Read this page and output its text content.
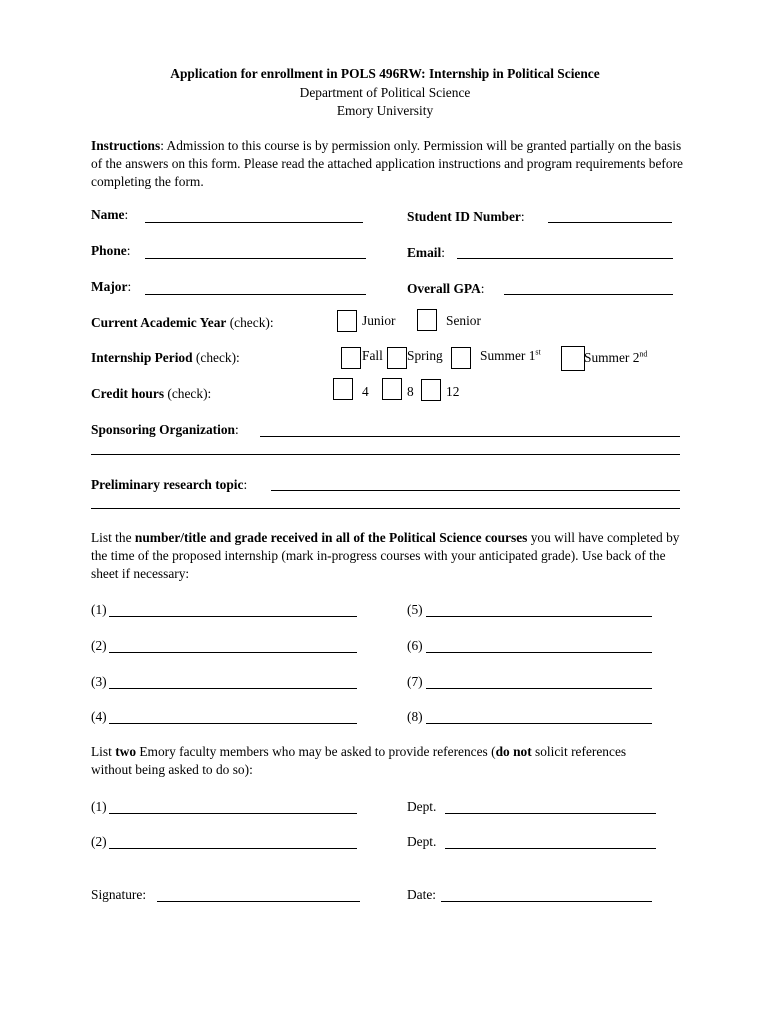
Application for enrollment in POLS 496RW: Internship in Political Science
Department of Political Science
Emory University
Instructions: Admission to this course is by permission only. Permission will be granted partially on the basis of the answers on this form. Please read the attached application instructions and program requirements before completing the form.
Name:	Student ID Number:
Phone:	Email:
Major:	Overall GPA:
Current Academic Year (check):	Junior	Senior
Internship Period (check):	Fall Spring	Summer 1st	Summer 2nd
Credit hours (check):	4	8 12
Sponsoring Organization:
Preliminary research topic:
List the number/title and grade received in all of the Political Science courses you will have completed by the time of the proposed internship (mark in-progress courses with your anticipated grade). Use back of the sheet if necessary:
(1)	(5)
(2)	(6)
(3)	(7)
(4)	(8)
List two Emory faculty members who may be asked to provide references (do not solicit references without being asked to do so):
(1)	Dept.
(2)	Dept.
Signature:	Date:
